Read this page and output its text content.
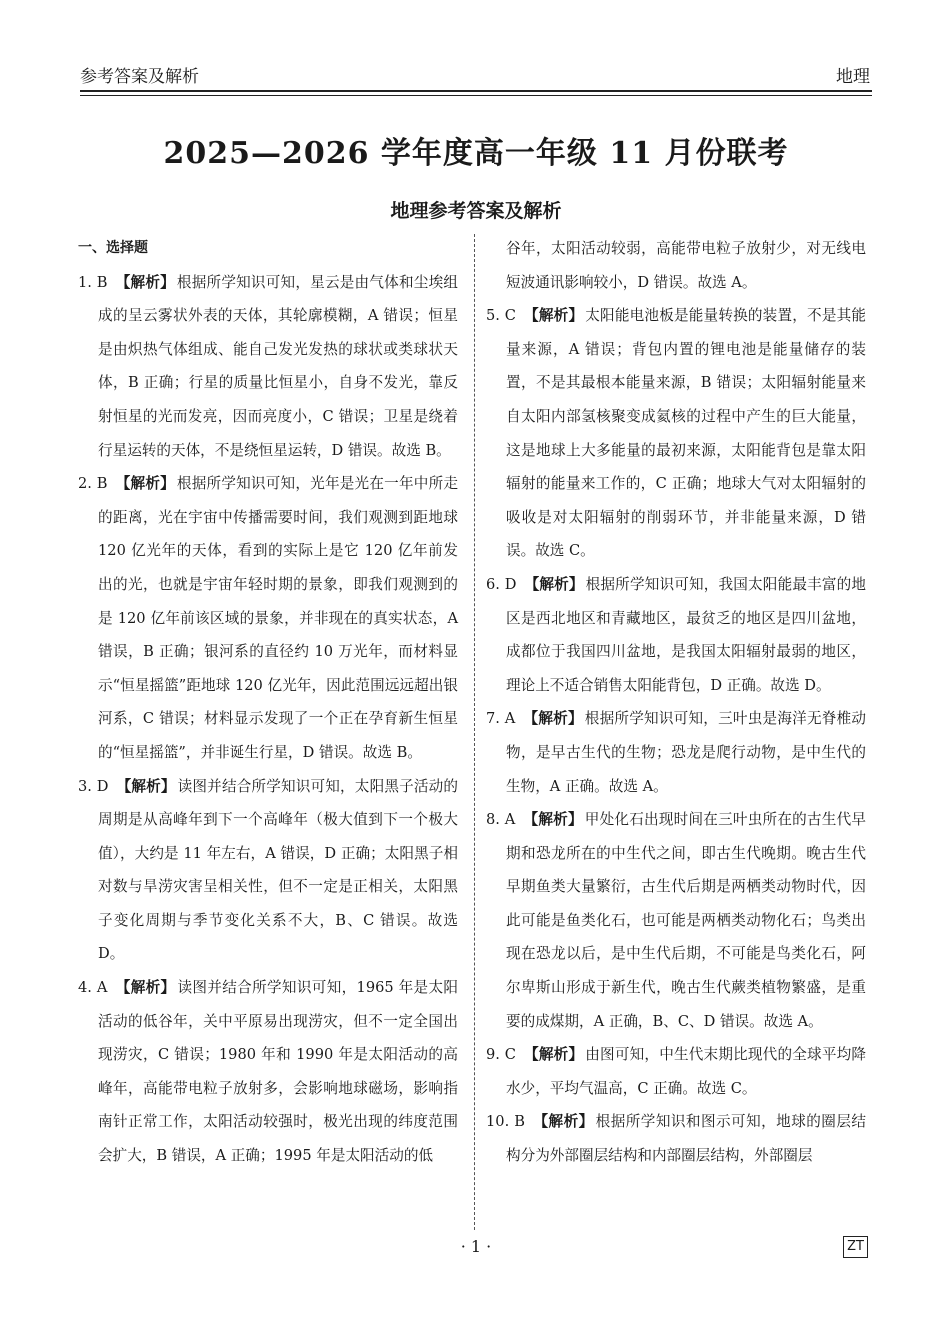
参考答案及解析	地理
2025—2026 学年度高一年级 11 月份联考
地理参考答案及解析
一、选择题
1. B 【解析】 根据所学知识可知，星云是由气体和尘埃组成的呈云雾状外表的天体，其轮廓模糊，A 错误；恒星是由炽热气体组成、能自己发光发热的球状或类球状天体，B 正确；行星的质量比恒星小，自身不发光，靠反射恒星的光而发亮，因而亮度小，C 错误；卫星是绕着行星运转的天体，不是绕恒星运转，D 错误。故选 B。
2. B 【解析】 根据所学知识可知，光年是光在一年中所走的距离，光在宇宙中传播需要时间，我们观测到距地球 120 亿光年的天体，看到的实际上是它 120 亿年前发出的光，也就是宇宙年轻时期的景象，即我们观测到的是 120 亿年前该区域的景象，并非现在的真实状态，A 错误，B 正确；银河系的直径约 10 万光年，而材料显示“恒星摇篮”距地球 120 亿光年，因此范围远远超出银河系，C 错误；材料显示发现了一个正在孕育新生恒星的“恒星摇篮”，并非诞生行星，D 错误。故选 B。
3. D 【解析】 读图并结合所学知识可知，太阳黑子活动的周期是从高峰年到下一个高峰年（极大值到下一个极大值），大约是 11 年左右，A 错误，D 正确；太阳黑子相对数与旱涝灾害呈相关性，但不一定是正相关，太阳黑子变化周期与季节变化关系不大，B、C 错误。故选 D。
4. A 【解析】 读图并结合所学知识可知，1965 年是太阳活动的低谷年，关中平原易出现涝灾，但不一定全国出现涝灾，C 错误；1980 年和 1990 年是太阳活动的高峰年，高能带电粒子放射多，会影响地球磁场，影响指南针正常工作，太阳活动较强时，极光出现的纬度范围会扩大，B 错误，A 正确；1995 年是太阳活动的低
谷年，太阳活动较弱，高能带电粒子放射少，对无线电短波通讯影响较小，D 错误。故选 A。
5. C 【解析】 太阳能电池板是能量转换的装置，不是其能量来源，A 错误；背包内置的锂电池是能量储存的装置，不是其最根本能量来源，B 错误；太阳辐射能量来自太阳内部氢核聚变成氦核的过程中产生的巨大能量，这是地球上大多能量的最初来源，太阳能背包是靠太阳辐射的能量来工作的，C 正确；地球大气对太阳辐射的吸收是对太阳辐射的削弱环节，并非能量来源，D 错误。故选 C。
6. D 【解析】 根据所学知识可知，我国太阳能最丰富的地区是西北地区和青藏地区，最贫乏的地区是四川盆地，成都位于我国四川盆地，是我国太阳辐射最弱的地区，理论上不适合销售太阳能背包，D 正确。故选 D。
7. A 【解析】 根据所学知识可知，三叶虫是海洋无脊椎动物，是早古生代的生物；恐龙是爬行动物，是中生代的生物，A 正确。故选 A。
8. A 【解析】 甲处化石出现时间在三叶虫所在的古生代早期和恐龙所在的中生代之间，即古生代晚期。晚古生代早期鱼类大量繁衍，古生代后期是两栖类动物时代，因此可能是鱼类化石，也可能是两栖类动物化石；鸟类出现在恐龙以后，是中生代后期，不可能是鸟类化石，阿尔卑斯山形成于新生代，晚古生代蕨类植物繁盛，是重要的成煤期，A 正确，B、C、D 错误。故选 A。
9. C 【解析】 由图可知，中生代末期比现代的全球平均降水少，平均气温高，C 正确。故选 C。
10. B 【解析】 根据所学知识和图示可知，地球的圈层结构分为外部圈层结构和内部圈层结构，外部圈层
· 1 ·	ZT
